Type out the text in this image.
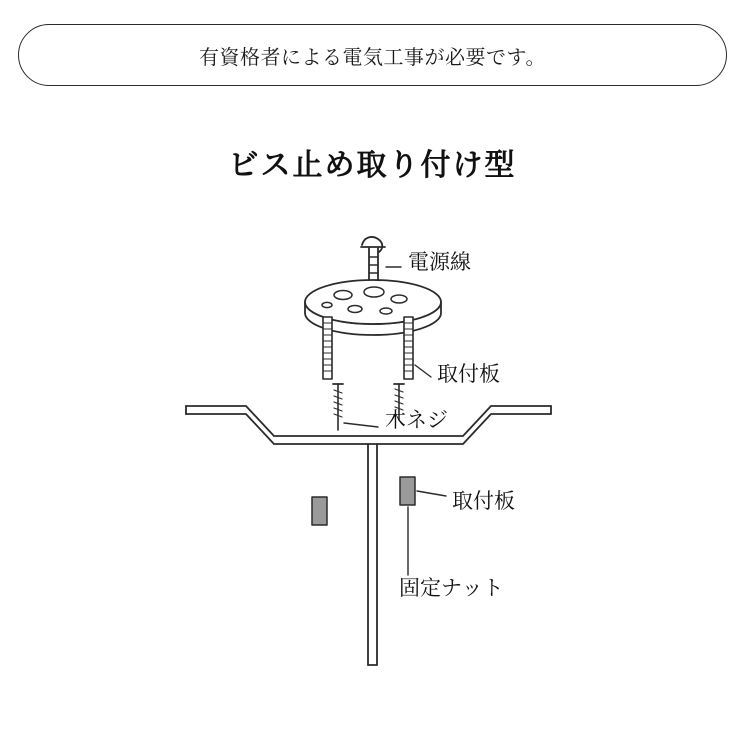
有資格者による電気工事が必要です。
ビス止め取り付け型
電源線
取付板
木ネジ
取付板
固定ナット
